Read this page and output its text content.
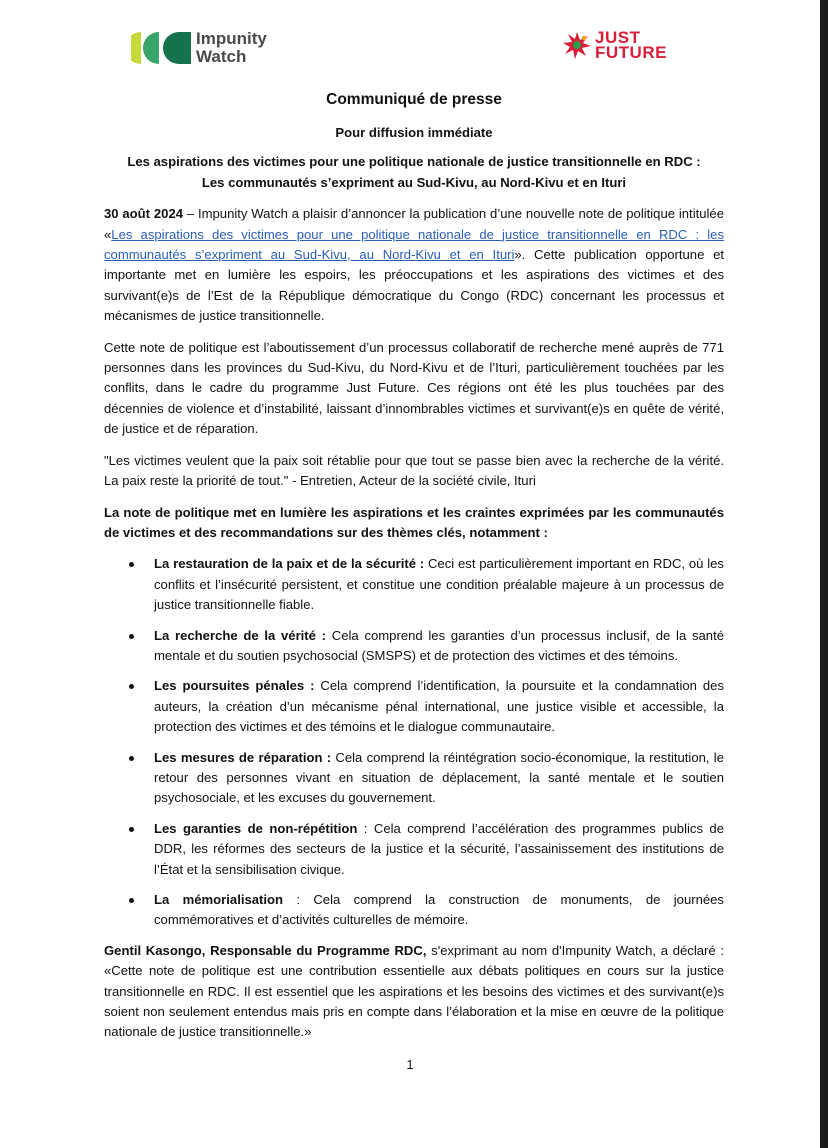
Impunity
Watch
JUST
FUTURE
Communiqué de presse
Pour diffusion immédiate
Les aspirations des victimes pour une politique nationale de justice transitionnelle en RDC :
Les communautés s’expriment au Sud-Kivu, au Nord-Kivu et en Ituri

30 août 2024 – Impunity Watch a plaisir d’annoncer la publication d’une nouvelle note de politique intitulée «Les aspirations des victimes pour une politique nationale de justice transitionnelle en RDC : les communautés s’expriment au Sud-Kivu, au Nord-Kivu et en Ituri». Cette publication opportune et importante met en lumière les espoirs, les préoccupations et les aspirations des victimes et des survivant(e)s de l’Est de la République démocratique du Congo (RDC) concernant les processus et mécanismes de justice transitionnelle.

Cette note de politique est l’aboutissement d’un processus collaboratif de recherche mené auprès de 771 personnes dans les provinces du Sud-Kivu, du Nord-Kivu et de l’Ituri, particulièrement touchées par les conflits, dans le cadre du programme Just Future. Ces régions ont été les plus touchées par des décennies de violence et d’instabilité, laissant d’innombrables victimes et survivant(e)s en quête de vérité, de justice et de réparation.

"Les victimes veulent que la paix soit rétablie pour que tout se passe bien avec la recherche de la vérité. La paix reste la priorité de tout." - Entretien, Acteur de la société civile, Ituri

La note de politique met en lumière les aspirations et les craintes exprimées par les communautés de victimes et des recommandations sur des thèmes clés, notamment :

La restauration de la paix et de la sécurité : Ceci est particulièrement important en RDC, où les conflits et l’insécurité persistent, et constitue une condition préalable majeure à un processus de justice transitionnelle fiable.
La recherche de la vérité : Cela comprend les garanties d’un processus inclusif, de la santé mentale et du soutien psychosocial (SMSPS) et de protection des victimes et des témoins.
Les poursuites pénales : Cela comprend l’identification, la poursuite et la condamnation des auteurs, la création d’un mécanisme pénal international, une justice visible et accessible, la protection des victimes et des témoins et le dialogue communautaire.
Les mesures de réparation : Cela comprend la réintégration socio-économique, la restitution, le retour des personnes vivant en situation de déplacement, la santé mentale et le soutien psychosociale, et les excuses du gouvernement.
Les garanties de non-répétition : Cela comprend l’accélération des programmes publics de DDR, les réformes des secteurs de la justice et la sécurité, l’assainissement des institutions de l’État et la sensibilisation civique.
La mémorialisation : Cela comprend la construction de monuments, de journées commémoratives et d’activités culturelles de mémoire.

Gentil Kasongo, Responsable du Programme RDC, s'exprimant au nom d'Impunity Watch, a déclaré : «Cette note de politique est une contribution essentielle aux débats politiques en cours sur la justice transitionnelle en RDC. Il est essentiel que les aspirations et les besoins des victimes et des survivant(e)s soient non seulement entendus mais pris en compte dans l’élaboration et la mise en œuvre de la politique nationale de justice transitionnelle.»

1
